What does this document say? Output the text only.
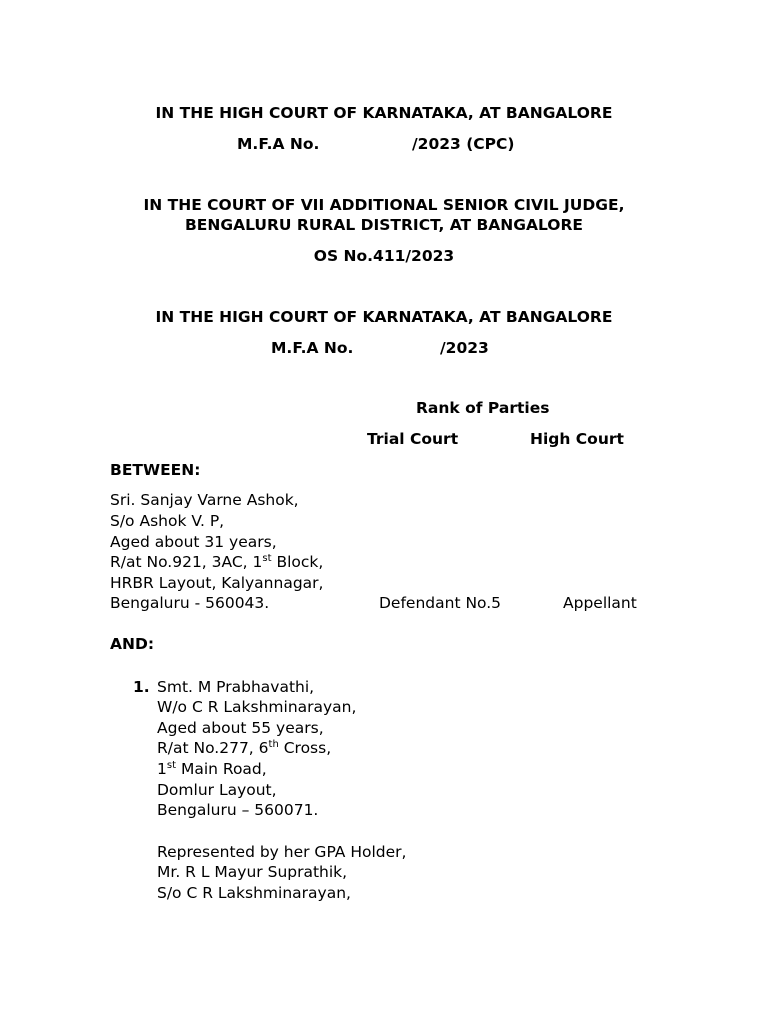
IN THE HIGH COURT OF KARNATAKA, AT BANGALORE
M.F.A No.	/2023 (CPC)
IN THE COURT OF VII ADDITIONAL SENIOR CIVIL JUDGE,
BENGALURU RURAL DISTRICT, AT BANGALORE
OS No.411/2023
IN THE HIGH COURT OF KARNATAKA, AT BANGALORE
M.F.A No.	/2023
Rank of Parties
Trial Court	High Court
BETWEEN:
Sri. Sanjay Varne Ashok,
S/o Ashok V. P,
Aged about 31 years,
R/at No.921, 3AC, 1st Block,
HRBR Layout, Kalyannagar,
Bengaluru - 560043.	Defendant No.5	Appellant
AND:
1. Smt. M Prabhavathi,
W/o C R Lakshminarayan,
Aged about 55 years,
R/at No.277, 6th Cross,
1st Main Road,
Domlur Layout,
Bengaluru – 560071.
Represented by her GPA Holder,
Mr. R L Mayur Suprathik,
S/o C R Lakshminarayan,
